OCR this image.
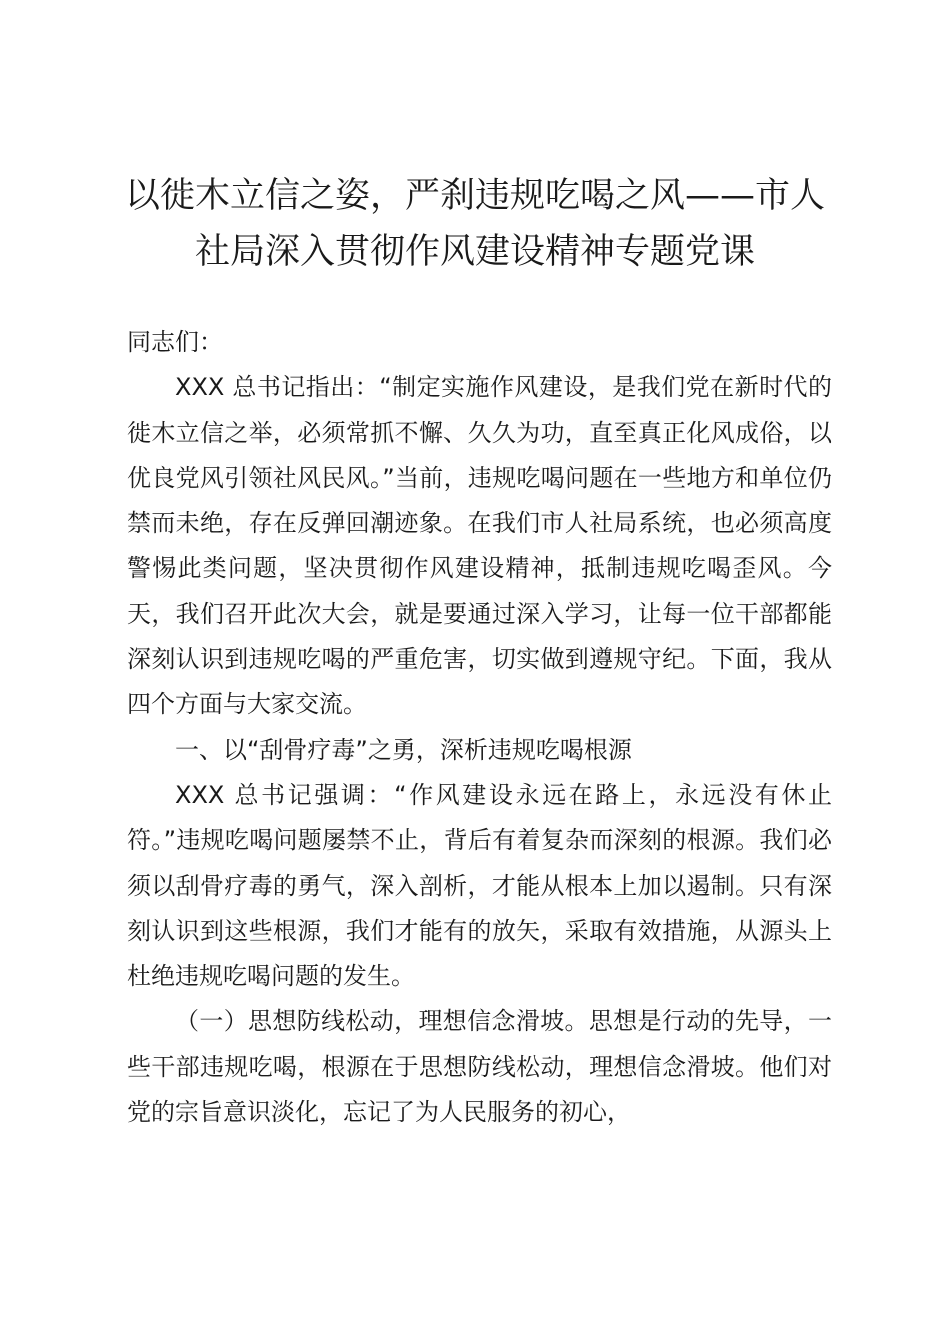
以徙木立信之姿，严刹违规吃喝之风——市人
社局深入贯彻作风建设精神专题党课

同志们：

XXX 总书记指出：“制定实施作风建设，是我们党在新时代的徙木立信之举，必须常抓不懈、久久为功，直至真正化风成俗，以优良党风引领社风民风。”当前，违规吃喝问题在一些地方和单位仍禁而未绝，存在反弹回潮迹象。在我们市人社局系统，也必须高度警惕此类问题，坚决贯彻作风建设精神，抵制违规吃喝歪风。今天，我们召开此次大会，就是要通过深入学习，让每一位干部都能深刻认识到违规吃喝的严重危害，切实做到遵规守纪。下面，我从四个方面与大家交流。

一、以“刮骨疗毒”之勇，深析违规吃喝根源

XXX 总书记强调：“作风建设永远在路上，永远没有休止符。”违规吃喝问题屡禁不止，背后有着复杂而深刻的根源。我们必须以刮骨疗毒的勇气，深入剖析，才能从根本上加以遏制。只有深刻认识到这些根源，我们才能有的放矢，采取有效措施，从源头上杜绝违规吃喝问题的发生。

（一）思想防线松动，理想信念滑坡。思想是行动的先导，一些干部违规吃喝，根源在于思想防线松动，理想信念滑坡。他们对党的宗旨意识淡化，忘记了为人民服务的初心，
